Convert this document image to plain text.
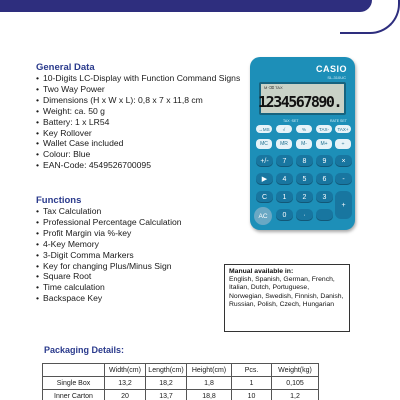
General Data
• 10-Digits LC-Display with Function Command Signs
• Two Way Power
• Dimensions (H x W x L): 0,8 x 7 x 11,8 cm
• Weight: ca. 50 g
• Battery: 1 x LR54
• Key Rollover
• Wallet Case included
• Colour: Blue
• EAN-Code: 4549526700095
Functions
• Tax Calculation
• Professional Percentage Calculation
• Profit Margin via %-key
• 4-Key Memory
• 3-Digit Comma Markers
• Key for changing Plus/Minus Sign
• Square Root
• Time calculation
• Backspace Key
CASIO
SL-310UC
M ⌫ TAX
1234567890.
TAX ·SET	RATE SET
→MS	√	%	TAX-	TAX+
MC	MR	M-	M+	÷
+/-	7	8	9	×
▶	4	5	6	-
C	1	2	3
AC	0	·
+
Manual available in:
English, Spanish, German, French, Italian, Dutch, Portuguese, Norwegian, Swedish, Finnish, Danish, Russian, Polish, Czech, Hungarian
Packaging Details:
	Width(cm)	Length(cm)	Height(cm)	Pcs.	Weight(kg)
Single Box	13,2	18,2	1,8	1	0,105
Inner Carton	20	13,7	18,8	10	1,2
